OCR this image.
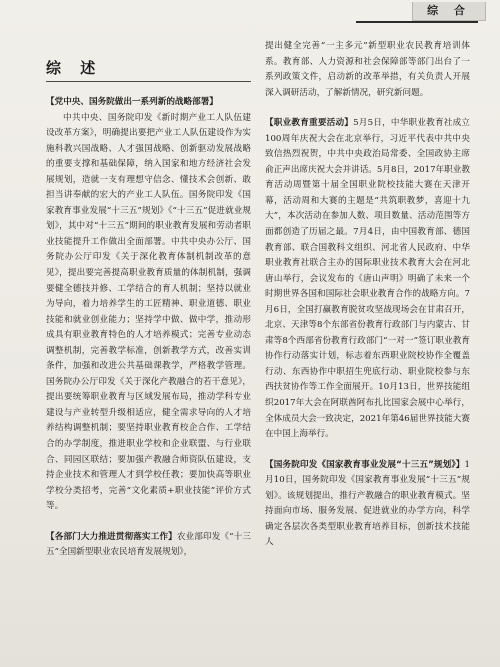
综 合
综 述

【党中央、国务院做出一系列新的战略部署】

中共中央、国务院印发《新时期产业工人队伍建设改革方案》，明确提出要把产业工人队伍建设作为实施科教兴国战略、人才强国战略、创新驱动发展战略的重要支撑和基础保障，纳入国家和地方经济社会发展规划，造就一支有理想守信念、懂技术会创新、敢担当讲奉献的宏大的产业工人队伍。国务院印发《国家教育事业发展“十三五”规划》《“十三五”促进就业规划》，其中对“十三五”期间的职业教育发展和劳动者职业技能提升工作做出全面部署。中共中央办公厅、国务院办公厅印发《关于深化教育体制机制改革的意见》，提出要完善提高职业教育质量的体制机制，强调要健全德技并修、工学结合的育人机制；坚持以就业为导向，着力培养学生的工匠精神、职业道德、职业技能和就业创业能力；坚持学中做、做中学，推动形成具有职业教育特色的人才培养模式；完善专业动态调整机制，完善教学标准，创新教学方式，改善实训条件，加强和改进公共基础课教学，严格教学管理。国务院办公厅印发《关于深化产教融合的若干意见》，提出要统筹职业教育与区域发展布局，推动学科专业建设与产业转型升级相适应，健全需求导向的人才培养结构调整机制；要坚持职业教育校企合作、工学结合的办学制度，推进职业学校和企业联盟、与行业联合、同园区联结；要加强产教融合师资队伍建设，支持企业技术和管理人才到学校任教；要加快高等职业学校分类招考，完善“文化素质+职业技能”评价方式等。

【各部门大力推进贯彻落实工作】农业部印发《“十三五”全国新型职业农民培育发展规划》，

提出健全完善“一主多元”新型职业农民教育培训体系。教育部、人力资源和社会保障部等部门出台了一系列政策文件，启动新的改革举措，有关负责人开展深入调研活动，了解新情况，研究新问题。

【职业教育重要活动】5月5日，中华职业教育社成立100周年庆祝大会在北京举行，习近平代表中共中央致信热烈祝贺，中共中央政治局常委、全国政协主席俞正声出席庆祝大会并讲话。5月8日，2017年职业教育活动周暨第十届全国职业院校技能大赛在天津开幕，活动周和大赛的主题是“共筑职教梦，喜迎十九大”，本次活动在参加人数、项目数量、活动范围等方面都创造了历届之最。7月4日，由中国教育部、德国教育部、联合国教科文组织、河北省人民政府、中华职业教育社联合主办的国际职业技术教育大会在河北唐山举行，会议发布的《唐山声明》明确了未来一个时期世界各国和国际社会职业教育合作的战略方向。7月6日，全国打赢教育脱贫攻坚战现场会在甘肃召开，北京、天津等8个东部省份教育行政部门与内蒙古、甘肃等8个西部省份教育行政部门“一对一”签订职业教育协作行动落实计划，标志着东西职业院校协作全覆盖行动、东西协作中职招生兜底行动、职业院校参与东西扶贫协作等工作全面展开。10月13日，世界技能组织2017年大会在阿联酋阿布扎比国家会展中心举行，全体成员大会一致决定，2021年第46届世界技能大赛在中国上海举行。

【国务院印发《国家教育事业发展“十三五”规划》】1月10日，国务院印发《国家教育事业发展“十三五”规划》。该规划提出，推行产教融合的职业教育模式。坚持面向市场、服务发展、促进就业的办学方向，科学确定各层次各类型职业教育培养目标，创新技术技能人
